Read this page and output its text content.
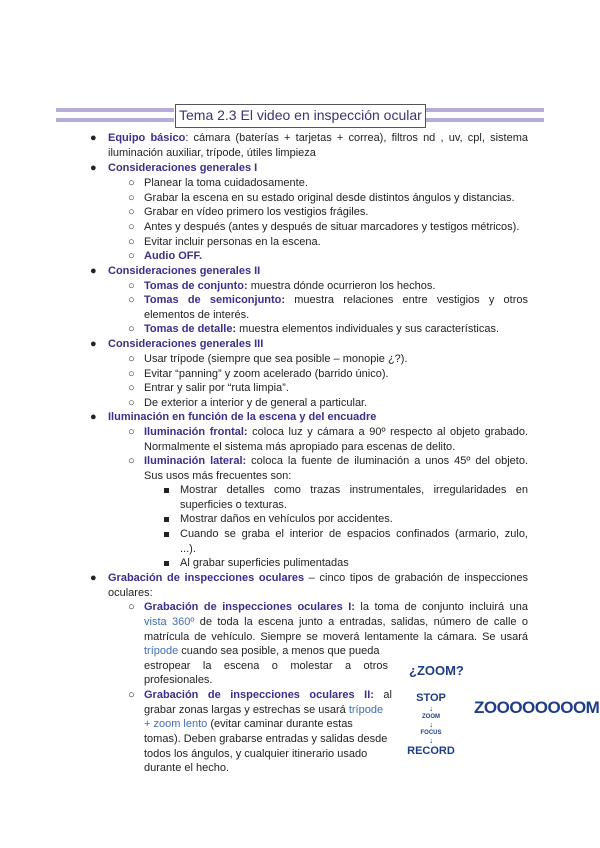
Tema 2.3 El video en inspección ocular
● Equipo básico: cámara (baterías + tarjetas + correa), filtros nd , uv, cpl, sistema
iluminación auxiliar, trípode, útiles limpieza
● Consideraciones generales I
○ Planear la toma cuidadosamente.
○ Grabar la escena en su estado original desde distintos ángulos y distancias.
○ Grabar en vídeo primero los vestigios frágiles.
○ Antes y después (antes y después de situar marcadores y testigos métricos).
○ Evitar incluir personas en la escena.
○ Audio OFF.
● Consideraciones generales II
○ Tomas de conjunto: muestra dónde ocurrieron los hechos.
○ Tomas de semiconjunto: muestra relaciones entre vestigios y otros
elementos de interés.
○ Tomas de detalle: muestra elementos individuales y sus características.
● Consideraciones generales III
○ Usar trípode (siempre que sea posible – monopie ¿?).
○ Evitar “panning” y zoom acelerado (barrido único).
○ Entrar y salir por “ruta limpia”.
○ De exterior a interior y de general a particular.
● Iluminación en función de la escena y del encuadre
○ Iluminación frontal: coloca luz y cámara a 90º respecto al objeto grabado.
Normalmente el sistema más apropiado para escenas de delito.
○ Iluminación lateral: coloca la fuente de iluminación a unos 45º del objeto.
Sus usos más frecuentes son:
Mostrar detalles como trazas instrumentales, irregularidades en
superficies o texturas.
Mostrar daños en vehículos por accidentes.
Cuando se graba el interior de espacios confinados (armario, zulo,
...).
Al grabar superficies pulimentadas
● Grabación de inspecciones oculares – cinco tipos de grabación de inspecciones
oculares:
○ Grabación de inspecciones oculares I: la toma de conjunto incluirá una
vista 360º de toda la escena junto a entradas, salidas, número de calle o
matrícula de vehículo. Siempre se moverá lentamente la cámara. Se usará
trípode cuando sea posible, a menos que pueda
estropear la escena o molestar a otros
profesionales.
○ Grabación de inspecciones oculares II: al
grabar zonas largas y estrechas se usará trípode
+ zoom lento (evitar caminar durante estas
tomas). Deben grabarse entradas y salidas desde
todos los ángulos, y cualquier itinerario usado
durante el hecho.
¿ZOOM?
STOP
↓
ZOOM
↓
FOCUS
↓
RECORD
ZOOOOOOOOM
